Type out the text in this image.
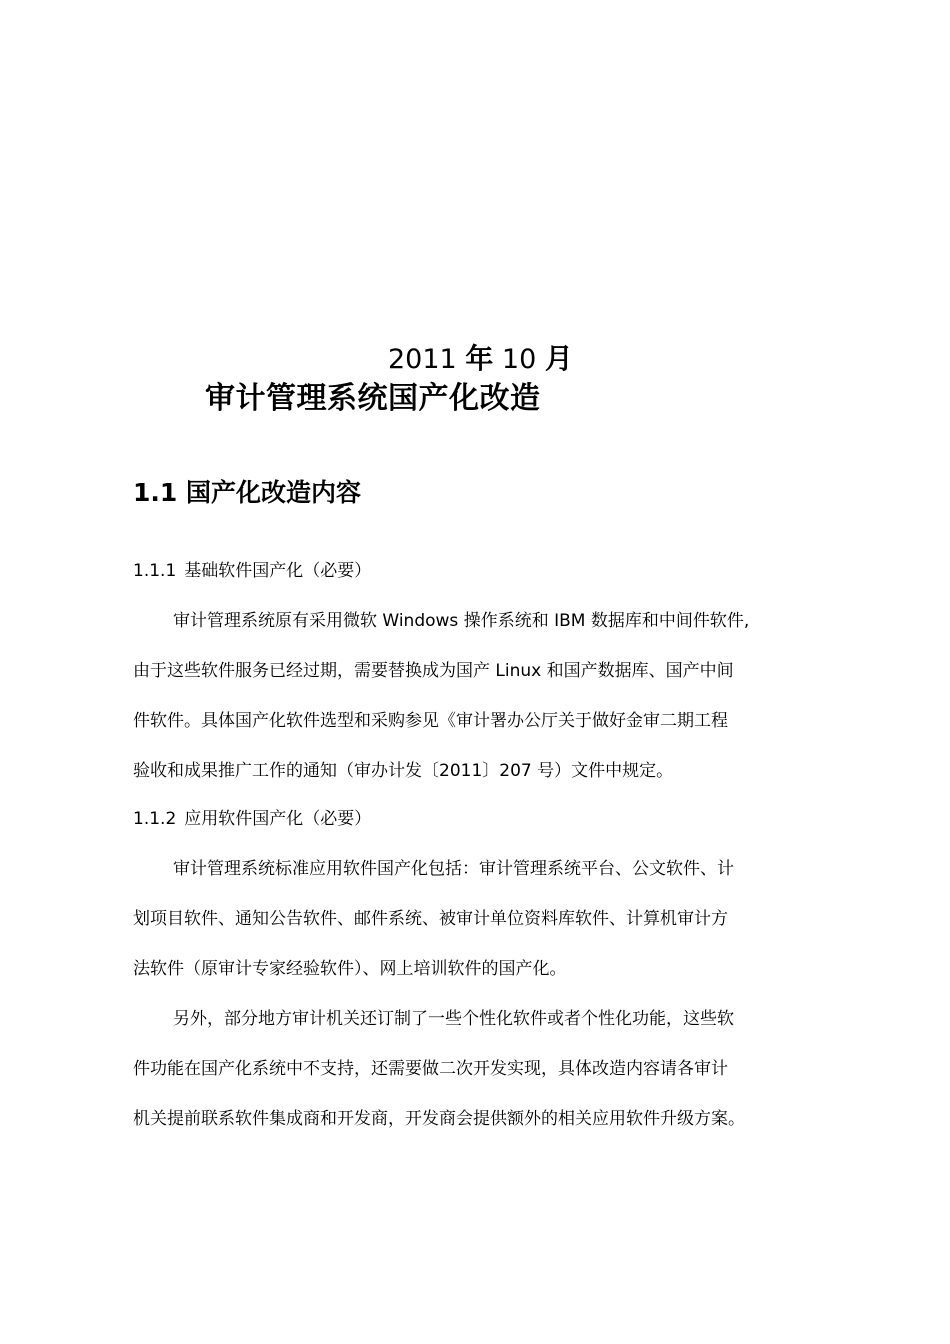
2011 年 10 月
审计管理系统国产化改造
1.1 国产化改造内容
1.1.1 基础软件国产化（必要）
审计管理系统原有采用微软 Windows 操作系统和 IBM 数据库和中间件软件,
由于这些软件服务已经过期，需要替换成为国产 Linux 和国产数据库、国产中间
件软件。具体国产化软件选型和采购参见《审计署办公厅关于做好金审二期工程
验收和成果推广工作的通知（审办计发〔2011〕207 号）文件中规定。
1.1.2 应用软件国产化（必要）
审计管理系统标准应用软件国产化包括：审计管理系统平台、公文软件、计
划项目软件、通知公告软件、邮件系统、被审计单位资料库软件、计算机审计方
法软件（原审计专家经验软件）、网上培训软件的国产化。
另外，部分地方审计机关还订制了一些个性化软件或者个性化功能，这些软
件功能在国产化系统中不支持，还需要做二次开发实现，具体改造内容请各审计
机关提前联系软件集成商和开发商，开发商会提供额外的相关应用软件升级方案。
